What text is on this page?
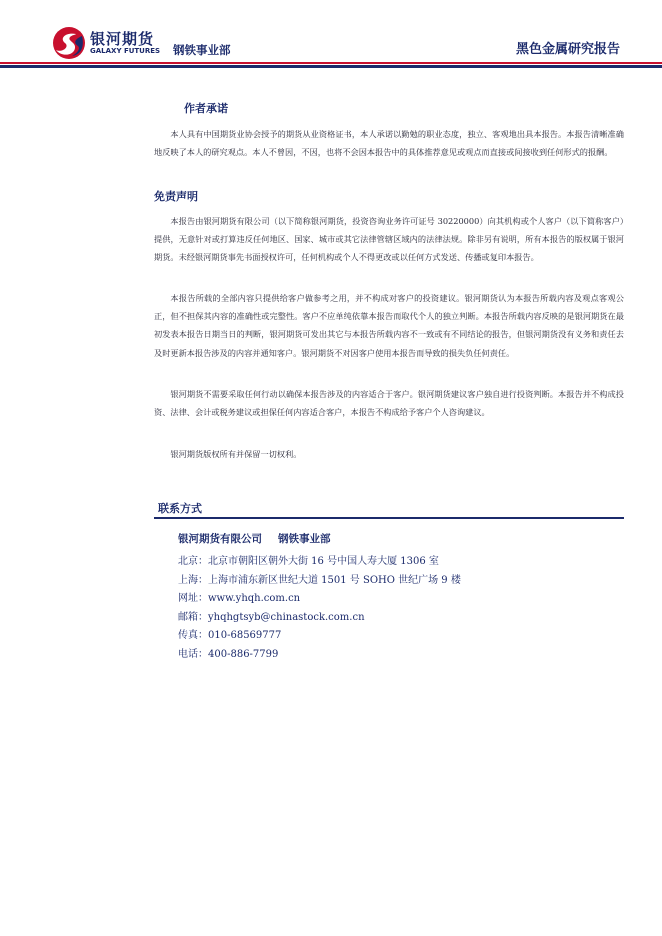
银河期货
GALAXY FUTURES 钢铁事业部	黑色金属研究报告
作者承诺

本人具有中国期货业协会授予的期货从业资格证书，本人承诺以勤勉的职业态度，独立、客观地出具本报告。本报告清晰准确地反映了本人的研究观点。本人不曾因，不因，也将不会因本报告中的具体推荐意见或观点而直接或间接收到任何形式的报酬。

免责声明

本报告由银河期货有限公司（以下简称银河期货，投资咨询业务许可证号 30220000）向其机构或个人客户（以下简称客户）提供，无意针对或打算违反任何地区、国家、城市或其它法律管辖区域内的法律法规。除非另有说明，所有本报告的版权属于银河期货。未经银河期货事先书面授权许可，任何机构或个人不得更改或以任何方式发送、传播或复印本报告。

本报告所载的全部内容只提供给客户做参考之用，并不构成对客户的投资建议。银河期货认为本报告所载内容及观点客观公正，但不担保其内容的准确性或完整性。客户不应单纯依靠本报告而取代个人的独立判断。本报告所载内容反映的是银河期货在最初发表本报告日期当日的判断，银河期货可发出其它与本报告所载内容不一致或有不同结论的报告，但银河期货没有义务和责任去及时更新本报告涉及的内容并通知客户。银河期货不对因客户使用本报告而导致的损失负任何责任。

银河期货不需要采取任何行动以确保本报告涉及的内容适合于客户。银河期货建议客户独自进行投资判断。本报告并不构成投资、法律、会计或税务建议或担保任何内容适合客户，本报告不构成给予客户个人咨询建议。

银河期货版权所有并保留一切权利。

联系方式
银河期货有限公司 钢铁事业部
北京：北京市朝阳区朝外大街 16 号中国人寿大厦 1306 室
上海：上海市浦东新区世纪大道 1501 号 SOHO 世纪广场 9 楼
网址：www.yhqh.com.cn
邮箱：yhqhgtsyb@chinastock.com.cn
传真：010-68569777
电话：400-886-7799
